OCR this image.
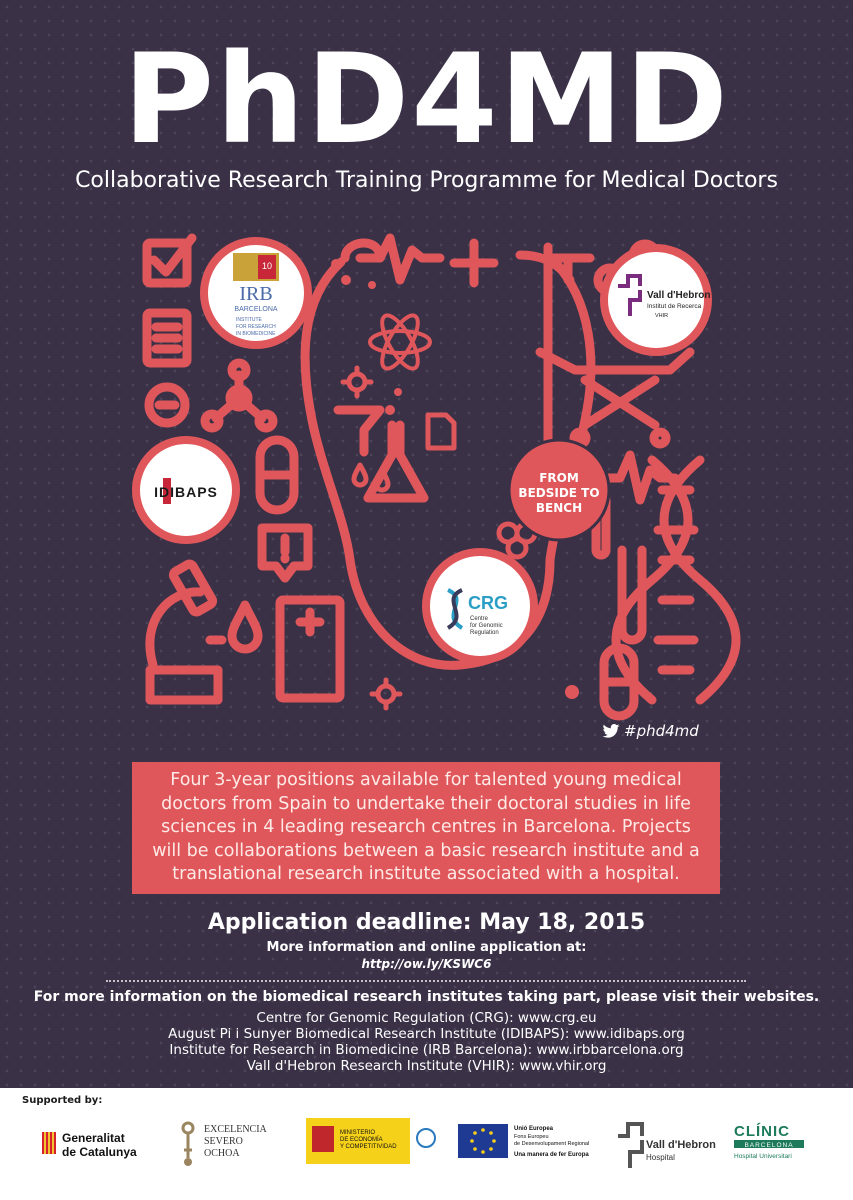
PhD4MD
Collaborative Research Training Programme for Medical Doctors
10
IRB
BARCELONA
INSTITUTE
FOR RESEARCH
IN BIOMEDICINE
Vall d'Hebron
Institut de Recerca
VHIR
IDIBAPS
FROM
BEDSIDE TO
BENCH
CRG
Centre
for Genomic
Regulation
#phd4md
Four 3-year positions available for talented young medical doctors from Spain to undertake their doctoral studies in life sciences in 4 leading research centres in Barcelona. Projects will be collaborations between a basic research institute and a translational research institute associated with a hospital.
Application deadline: May 18, 2015
More information and online application at:
http://ow.ly/KSWC6
For more information on the biomedical research institutes taking part, please visit their websites.
Centre for Genomic Regulation (CRG): www.crg.eu
August Pi i Sunyer Biomedical Research Institute (IDIBAPS): www.idibaps.org
Institute for Research in Biomedicine (IRB Barcelona): www.irbbarcelona.org
Vall d'Hebron Research Institute (VHIR): www.vhir.org
Supported by:
Generalitat
de Catalunya
EXCELENCIA
SEVERO
OCHOA
MINISTERIO
DE ECONOMÍA
Y COMPETITIVIDAD
Unió Europea
Fons Europeu
de Desenvolupament Regional
Una manera de fer Europa
Vall d'Hebron
Hospital
CLÍNIC
BARCELONA
Hospital Universitari
